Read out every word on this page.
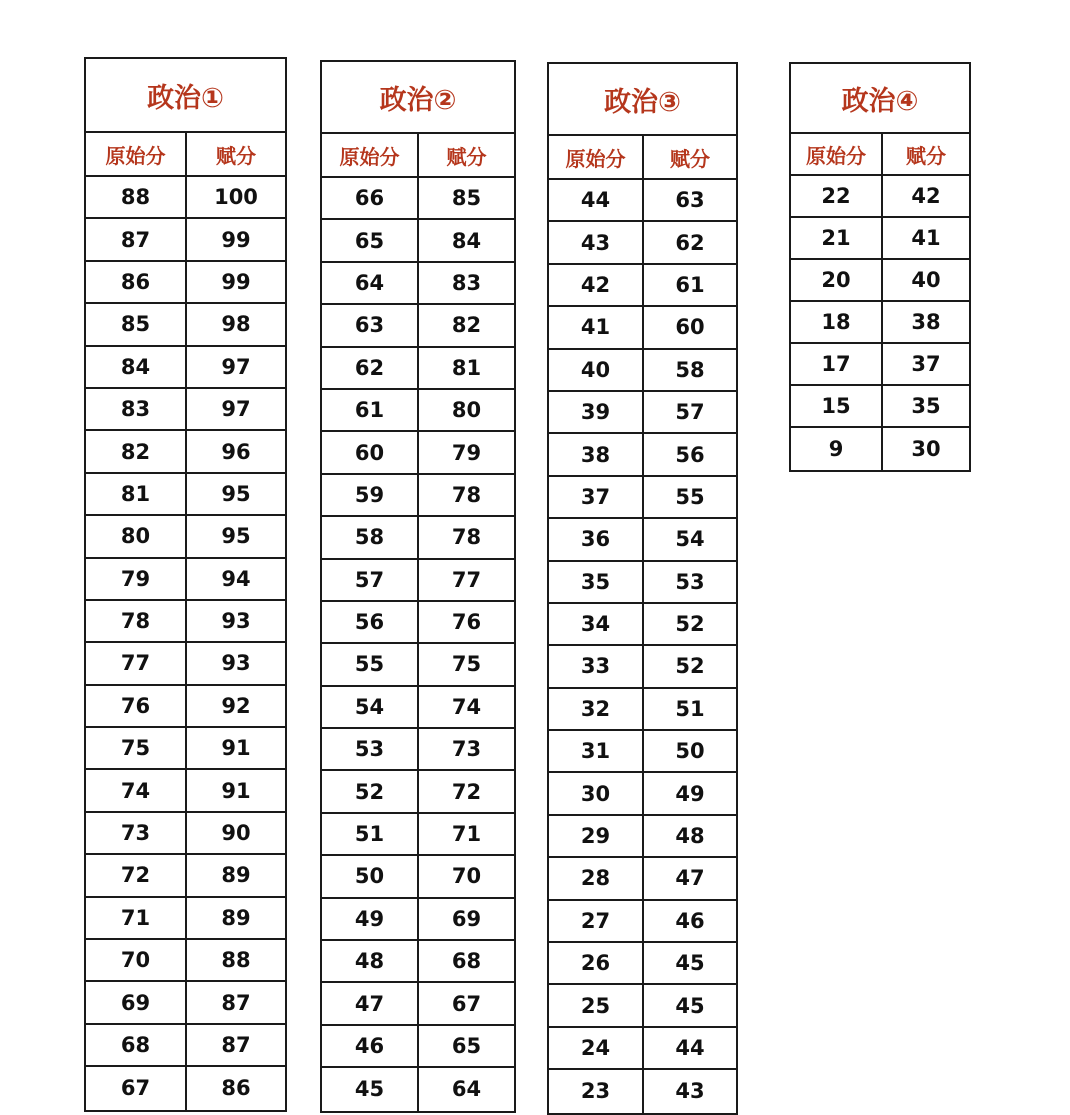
政治①
原始分	赋分
88	100
87	99
86	99
85	98
84	97
83	97
82	96
81	95
80	95
79	94
78	93
77	93
76	92
75	91
74	91
73	90
72	89
71	89
70	88
69	87
68	87
67	86
政治②
原始分	赋分
66	85
65	84
64	83
63	82
62	81
61	80
60	79
59	78
58	78
57	77
56	76
55	75
54	74
53	73
52	72
51	71
50	70
49	69
48	68
47	67
46	65
45	64
政治③
原始分	赋分
44	63
43	62
42	61
41	60
40	58
39	57
38	56
37	55
36	54
35	53
34	52
33	52
32	51
31	50
30	49
29	48
28	47
27	46
26	45
25	45
24	44
23	43
政治④
原始分	赋分
22	42
21	41
20	40
18	38
17	37
15	35
9	30
